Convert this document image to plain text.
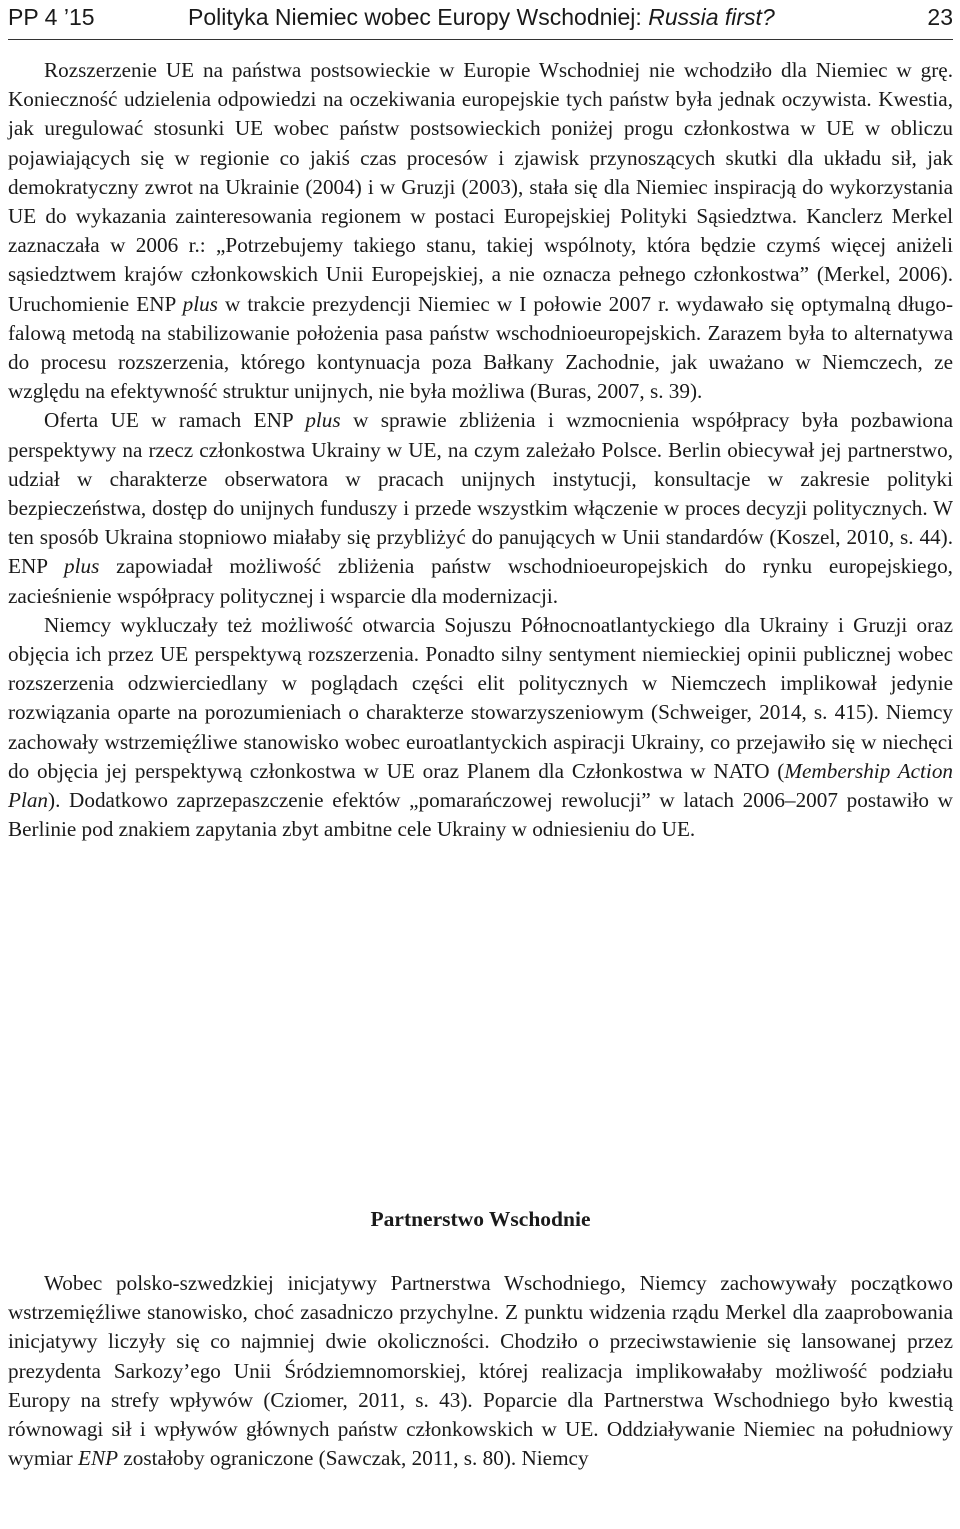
PP 4 ’15	Polityka Niemiec wobec Europy Wschodniej: Russia first?	23

Rozszerzenie UE na państwa postsowieckie w Europie Wschodniej nie wchodziło dla Niemiec w grę. Konieczność udzielenia odpowiedzi na oczekiwania europejskie tych państw była jednak oczywista. Kwestia, jak uregulować stosunki UE wobec państw postsowieckich poniżej progu członkostwa w UE w obliczu pojawiających się w regionie co jakiś czas procesów i zjawisk przynoszących skutki dla układu sił, jak demokratyczny zwrot na Ukrainie (2004) i w Gruzji (2003), stała się dla Niemiec inspiracją do wykorzystania UE do wykazania zainteresowania regionem w postaci Europejskiej Polityki Sąsiedztwa. Kanclerz Merkel zaznaczała w 2006 r.: „Potrzebujemy takiego stanu, takiej wspólnoty, która będzie czymś więcej aniżeli sąsiedztwem krajów członkowskich Unii Europejskiej, a nie oznacza pełnego członkostwa” (Merkel, 2006). Uruchomienie ENP plus w trakcie prezydencji Niemiec w I połowie 2007 r. wydawało się optymalną długofalową metodą na stabilizowanie położenia pasa państw wschodnioeuropejskich. Zarazem była to alternatywa do procesu rozszerzenia, którego kontynuacja poza Bałkany Zachodnie, jak uważano w Niemczech, ze względu na efektywność struktur unijnych, nie była możliwa (Buras, 2007, s. 39).

Oferta UE w ramach ENP plus w sprawie zbliżenia i wzmocnienia współpracy była pozbawiona perspektywy na rzecz członkostwa Ukrainy w UE, na czym zależało Polsce. Berlin obiecywał jej partnerstwo, udział w charakterze obserwatora w pracach unijnych instytucji, konsultacje w zakresie polityki bezpieczeństwa, dostęp do unijnych funduszy i przede wszystkim włączenie w proces decyzji politycznych. W ten sposób Ukraina stopniowo miałaby się przybliżyć do panujących w Unii standardów (Koszel, 2010, s. 44). ENP plus zapowiadał możliwość zbliżenia państw wschodnioeuropejskich do rynku europejskiego, zacieśnienie współpracy politycznej i wsparcie dla modernizacji.

Niemcy wykluczały też możliwość otwarcia Sojuszu Północnoatlantyckiego dla Ukrainy i Gruzji oraz objęcia ich przez UE perspektywą rozszerzenia. Ponadto silny sentyment niemieckiej opinii publicznej wobec rozszerzenia odzwierciedlany w poglądach części elit politycznych w Niemczech implikował jedynie rozwiązania oparte na porozumieniach o charakterze stowarzyszeniowym (Schweiger, 2014, s. 415). Niemcy zachowały wstrzemięźliwe stanowisko wobec euroatlantyckich aspiracji Ukrainy, co przejawiło się w niechęci do objęcia jej perspektywą członkostwa w UE oraz Planem dla Członkostwa w NATO (Membership Action Plan). Dodatkowo zaprzepaszczenie efektów „pomarańczowej rewolucji” w latach 2006–2007 postawiło w Berlinie pod znakiem zapytania zbyt ambitne cele Ukrainy w odniesieniu do UE.

Partnerstwo Wschodnie

Wobec polsko-szwedzkiej inicjatywy Partnerstwa Wschodniego, Niemcy zachowywały początkowo wstrzemięźliwe stanowisko, choć zasadniczo przychylne. Z punktu widzenia rządu Merkel dla zaaprobowania inicjatywy liczyły się co najmniej dwie okoliczności. Chodziło o przeciwstawienie się lansowanej przez prezydenta Sarkozy’ego Unii Śródziemnomorskiej, której realizacja implikowałaby możliwość podziału Europy na strefy wpływów (Cziomer, 2011, s. 43). Poparcie dla Partnerstwa Wschodniego było kwestią równowagi sił i wpływów głównych państw członkowskich w UE. Oddziaływanie Niemiec na południowy wymiar ENP zostałoby ograniczone (Sawczak, 2011, s. 80). Niemcy
